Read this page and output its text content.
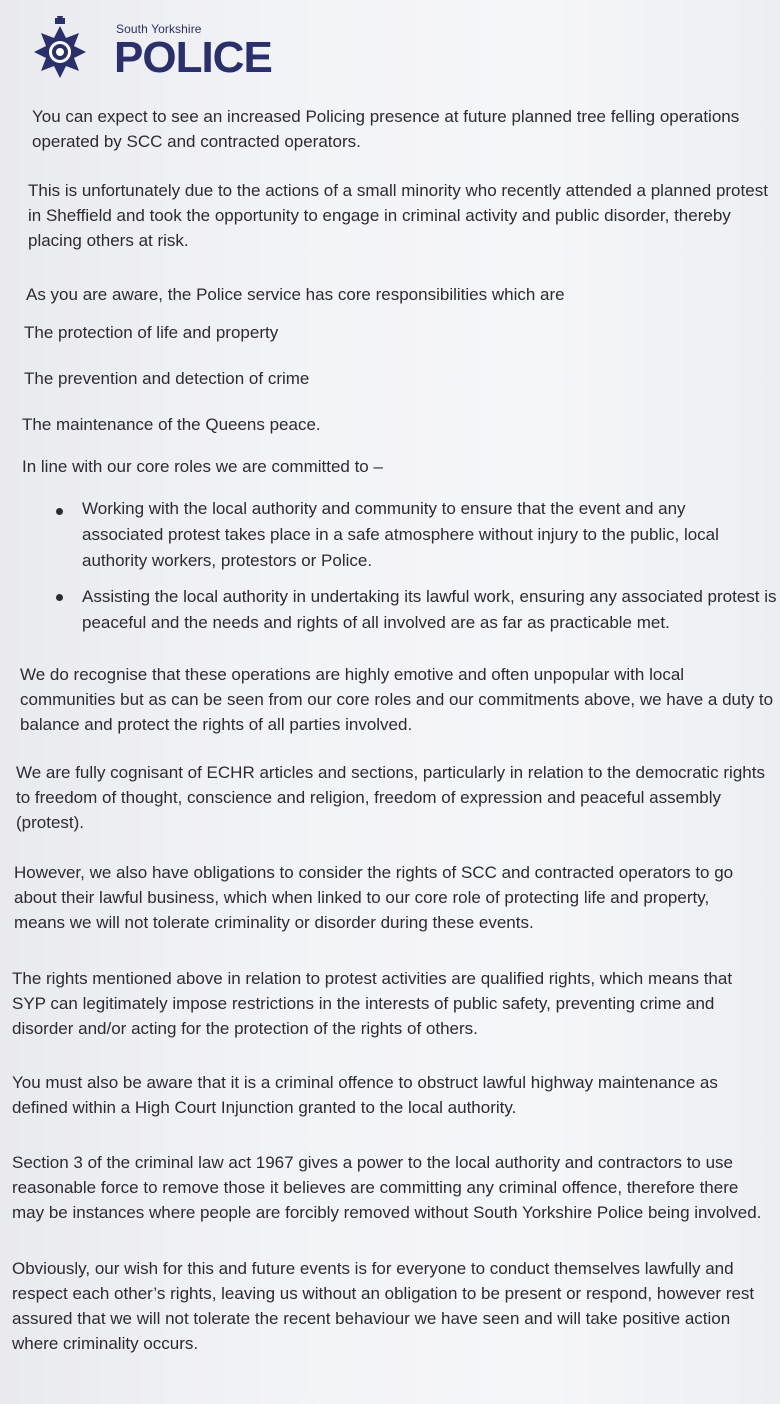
South Yorkshire
POLICE

You can expect to see an increased Policing presence at future planned tree felling operations
operated by SCC and contracted operators.

This is unfortunately due to the actions of a small minority who recently attended a planned protest
in Sheffield and took the opportunity to engage in criminal activity and public disorder, thereby
placing others at risk.

As you are aware, the Police service has core responsibilities which are

The protection of life and property

The prevention and detection of crime

The maintenance of the Queens peace.

In line with our core roles we are committed to –

Working with the local authority and community to ensure that the event and any
associated protest takes place in a safe atmosphere without injury to the public, local
authority workers, protestors or Police.
Assisting the local authority in undertaking its lawful work, ensuring any associated protest is
peaceful and the needs and rights of all involved are as far as practicable met.

We do recognise that these operations are highly emotive and often unpopular with local
communities but as can be seen from our core roles and our commitments above, we have a duty to
balance and protect the rights of all parties involved.

We are fully cognisant of ECHR articles and sections, particularly in relation to the democratic rights
to freedom of thought, conscience and religion, freedom of expression and peaceful assembly
(protest).

However, we also have obligations to consider the rights of SCC and contracted operators to go
about their lawful business, which when linked to our core role of protecting life and property,
means we will not tolerate criminality or disorder during these events.

The rights mentioned above in relation to protest activities are qualified rights, which means that
SYP can legitimately impose restrictions in the interests of public safety, preventing crime and
disorder and/or acting for the protection of the rights of others.

You must also be aware that it is a criminal offence to obstruct lawful highway maintenance as
defined within a High Court Injunction granted to the local authority.

Section 3 of the criminal law act 1967 gives a power to the local authority and contractors to use
reasonable force to remove those it believes are committing any criminal offence, therefore there
may be instances where people are forcibly removed without South Yorkshire Police being involved.

Obviously, our wish for this and future events is for everyone to conduct themselves lawfully and
respect each other’s rights, leaving us without an obligation to be present or respond, however rest
assured that we will not tolerate the recent behaviour we have seen and will take positive action
where criminality occurs.
